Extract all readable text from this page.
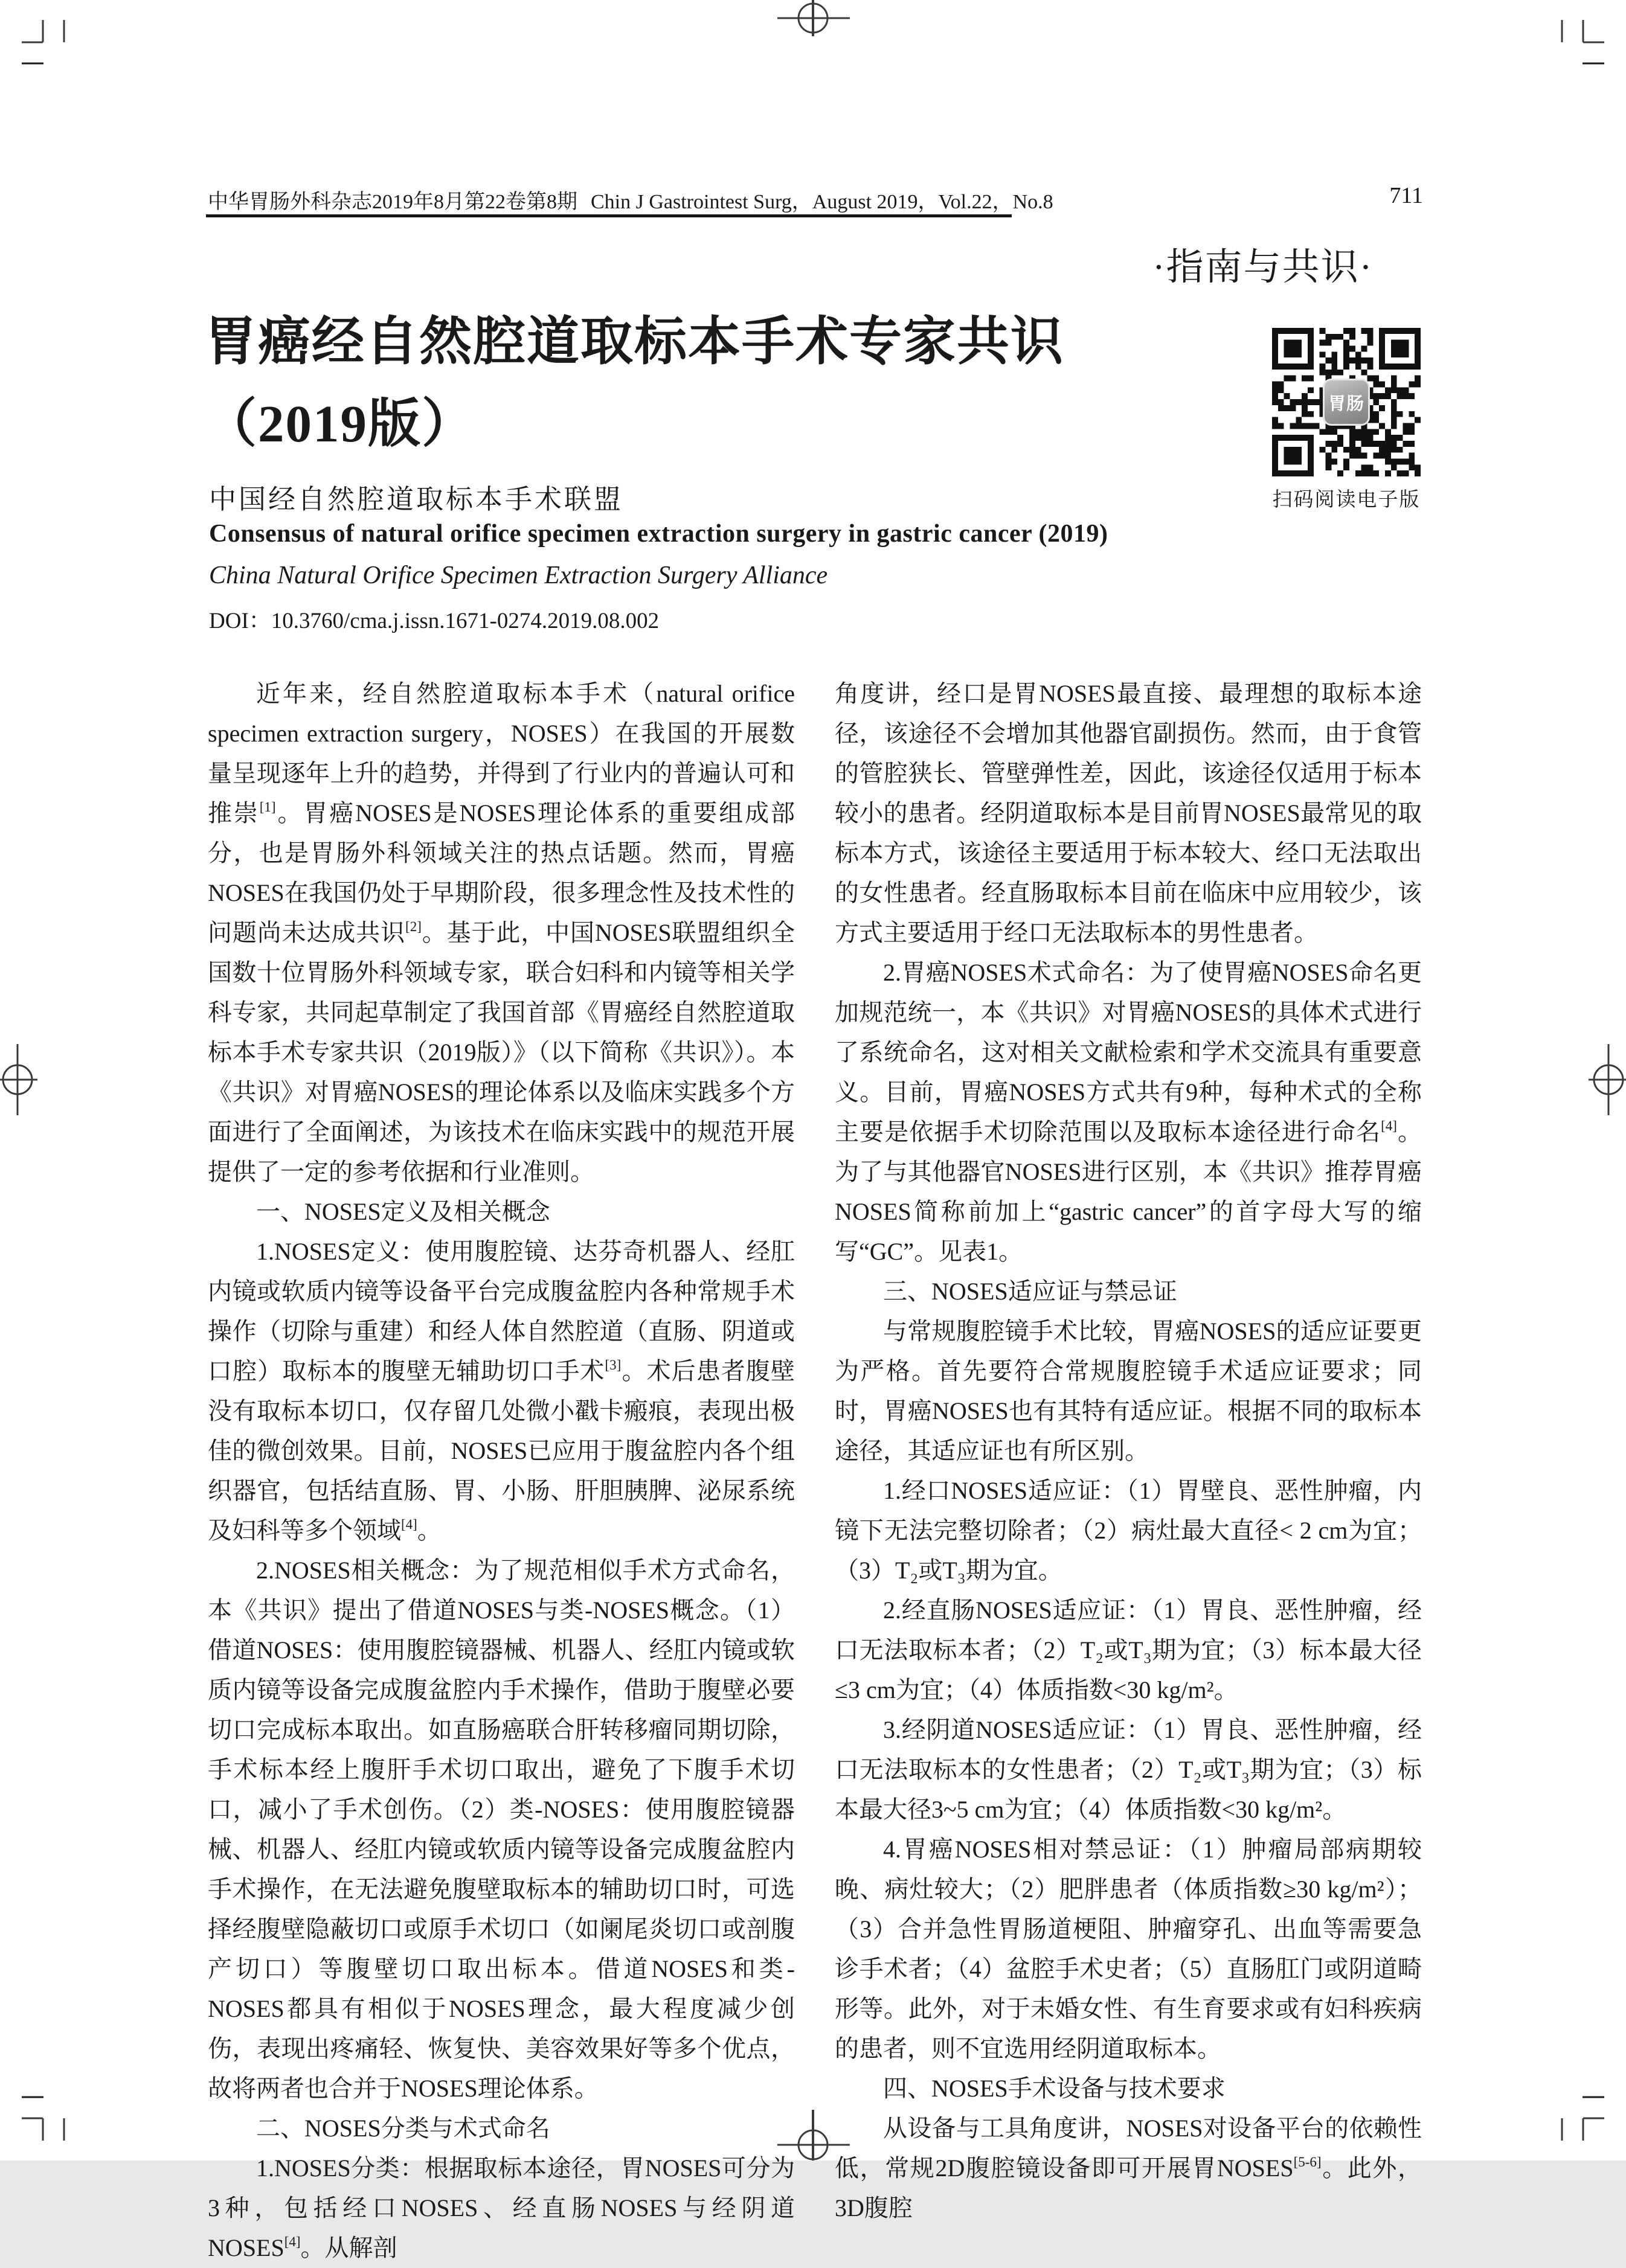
中华胃肠外科杂志2019年8月第22卷第8期 Chin J Gastrointest Surg，August 2019，Vol.22，No.8	711
·指南与共识·
胃癌经自然腔道取标本手术专家共识
（2019版）
中国经自然腔道取标本手术联盟
Consensus of natural orifice specimen extraction surgery in gastric cancer (2019)
China Natural Orifice Specimen Extraction Surgery Alliance
DOI：10.3760/cma.j.issn.1671-0274.2019.08.002
胃肠
扫码阅读电子版

近年来，经自然腔道取标本手术（natural orifice specimen extraction surgery，NOSES）在我国的开展数量呈现逐年上升的趋势，并得到了行业内的普遍认可和推崇[1]。胃癌NOSES是NOSES理论体系的重要组成部分，也是胃肠外科领域关注的热点话题。然而，胃癌NOSES在我国仍处于早期阶段，很多理念性及技术性的问题尚未达成共识[2]。基于此，中国NOSES联盟组织全国数十位胃肠外科领域专家，联合妇科和内镜等相关学科专家，共同起草制定了我国首部《胃癌经自然腔道取标本手术专家共识（2019版）》（以下简称《共识》）。本《共识》对胃癌NOSES的理论体系以及临床实践多个方面进行了全面阐述，为该技术在临床实践中的规范开展提供了一定的参考依据和行业准则。

一、NOSES定义及相关概念

1.NOSES定义：使用腹腔镜、达芬奇机器人、经肛内镜或软质内镜等设备平台完成腹盆腔内各种常规手术操作（切除与重建）和经人体自然腔道（直肠、阴道或口腔）取标本的腹壁无辅助切口手术[3]。术后患者腹壁没有取标本切口，仅存留几处微小戳卡瘢痕，表现出极佳的微创效果。目前，NOSES已应用于腹盆腔内各个组织器官，包括结直肠、胃、小肠、肝胆胰脾、泌尿系统及妇科等多个领域[4]。

2.NOSES相关概念：为了规范相似手术方式命名，本《共识》提出了借道NOSES与类-NOSES概念。（1）借道NOSES：使用腹腔镜器械、机器人、经肛内镜或软质内镜等设备完成腹盆腔内手术操作，借助于腹壁必要切口完成标本取出。如直肠癌联合肝转移瘤同期切除，手术标本经上腹肝手术切口取出，避免了下腹手术切口，减小了手术创伤。（2）类-NOSES：使用腹腔镜器械、机器人、经肛内镜或软质内镜等设备完成腹盆腔内手术操作，在无法避免腹壁取标本的辅助切口时，可选择经腹壁隐蔽切口或原手术切口（如阑尾炎切口或剖腹产切口）等腹壁切口取出标本。借道NOSES和类-NOSES都具有相似于NOSES理念，最大程度减少创伤，表现出疼痛轻、恢复快、美容效果好等多个优点，故将两者也合并于NOSES理论体系。

二、NOSES分类与术式命名

1.NOSES分类：根据取标本途径，胃NOSES可分为3种，包括经口NOSES、经直肠NOSES与经阴道NOSES[4]。从解剖

角度讲，经口是胃NOSES最直接、最理想的取标本途径，该途径不会增加其他器官副损伤。然而，由于食管的管腔狭长、管壁弹性差，因此，该途径仅适用于标本较小的患者。经阴道取标本是目前胃NOSES最常见的取标本方式，该途径主要适用于标本较大、经口无法取出的女性患者。经直肠取标本目前在临床中应用较少，该方式主要适用于经口无法取标本的男性患者。

2.胃癌NOSES术式命名：为了使胃癌NOSES命名更加规范统一，本《共识》对胃癌NOSES的具体术式进行了系统命名，这对相关文献检索和学术交流具有重要意义。目前，胃癌NOSES方式共有9种，每种术式的全称主要是依据手术切除范围以及取标本途径进行命名[4]。为了与其他器官NOSES进行区别，本《共识》推荐胃癌NOSES简称前加上“gastric cancer”的首字母大写的缩写“GC”。见表1。

三、NOSES适应证与禁忌证

与常规腹腔镜手术比较，胃癌NOSES的适应证要更为严格。首先要符合常规腹腔镜手术适应证要求；同时，胃癌NOSES也有其特有适应证。根据不同的取标本途径，其适应证也有所区别。

1.经口NOSES适应证：（1）胃壁良、恶性肿瘤，内镜下无法完整切除者；（2）病灶最大直径< 2 cm为宜；（3）T₂或T₃期为宜。

2.经直肠NOSES适应证：（1）胃良、恶性肿瘤，经口无法取标本者；（2）T₂或T₃期为宜；（3）标本最大径≤3 cm为宜；（4）体质指数<30 kg/m²。

3.经阴道NOSES适应证：（1）胃良、恶性肿瘤，经口无法取标本的女性患者；（2）T₂或T₃期为宜；（3）标本最大径3~5 cm为宜；（4）体质指数<30 kg/m²。

4.胃癌NOSES相对禁忌证：（1）肿瘤局部病期较晚、病灶较大；（2）肥胖患者（体质指数≥30 kg/m²）；（3）合并急性胃肠道梗阻、肿瘤穿孔、出血等需要急诊手术者；（4）盆腔手术史者；（5）直肠肛门或阴道畸形等。此外，对于未婚女性、有生育要求或有妇科疾病的患者，则不宜选用经阴道取标本。

四、NOSES手术设备与技术要求

从设备与工具角度讲，NOSES对设备平台的依赖性低，常规2D腹腔镜设备即可开展胃NOSES[5-6]。此外，3D腹腔
